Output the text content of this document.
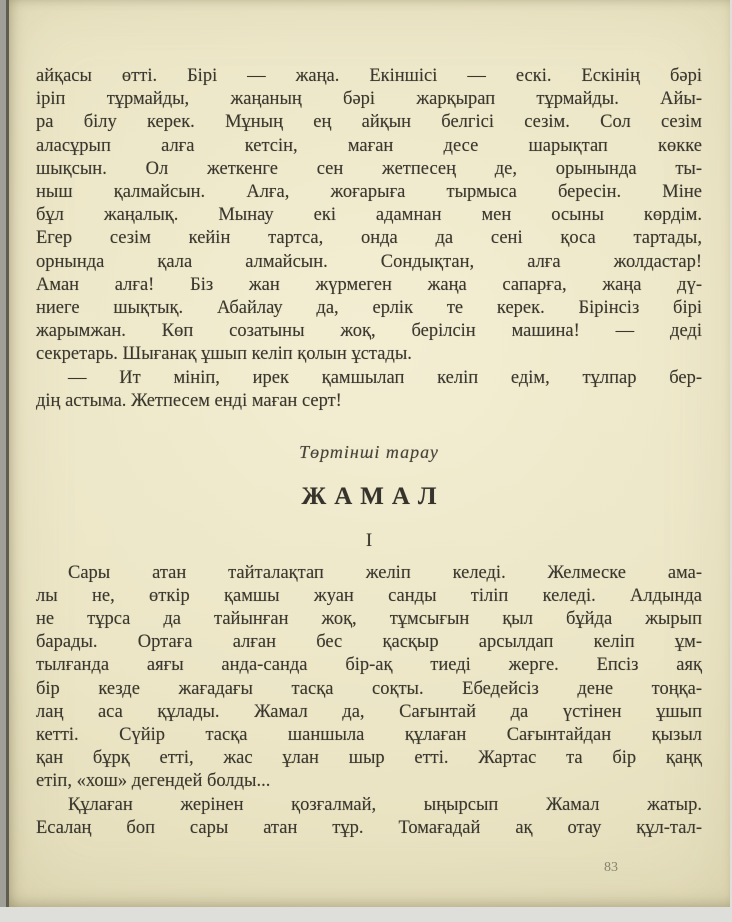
айқасы өтті. Бірі — жаңа. Екіншісі — ескі. Ескінің бәрі
іріп тұрмайды, жаңаның бәрі жарқырап тұрмайды. Айы-
ра білу керек. Мұның ең айқын белгісі сезім. Сол сезім
аласұрып алға кетсін, маған десе шарықтап көкке
шықсын. Ол жеткенге сен жетпесең де, орынында ты-
ныш қалмайсын. Алға, жоғарыға тырмыса бересін. Міне
бұл жаңалық. Мынау екі адамнан мен осыны көрдім.
Егер сезім кейін тартса, онда да сені қоса тартады,
орнында қала алмайсын. Сондықтан, алға жолдастар!
Аман алға! Біз жан жүрмеген жаңа сапарға, жаңа дү-
ниеге шықтық. Абайлау да, ерлік те керек. Бірінсіз бірі
жарымжан. Көп созатыны жоқ, берілсін машина! — деді
секретарь. Шығанақ ұшып келіп қолын ұстады.
— Ит мініп, ирек қамшылап келіп едім, тұлпар бер-
дің астыма. Жетпесем енді маған серт!
Төртінші тарау
ЖАМАЛ
I
Сары атан тайталақтап желіп келеді. Желмеске ама-
лы не, өткір қамшы жуан санды тіліп келеді. Алдында
не тұрса да тайынған жоқ, тұмсығын қыл бұйда жырып
барады. Ортаға алған бес қасқыр арсылдап келіп ұм-
тылғанда аяғы анда-санда бір-ақ тиеді жерге. Епсіз аяқ
бір кезде жағадағы тасқа соқты. Ебедейсіз дене тоңқа-
лаң аса құлады. Жамал да, Сағынтай да үстінен ұшып
кетті. Сүйір тасқа шаншыла құлаған Сағынтайдан қызыл
қан бұрқ етті, жас ұлан шыр етті. Жартас та бір қаңқ
етіп, «хош» дегендей болды...
Құлаған жерінен қозғалмай, ыңырсып Жамал жатыр.
Есалаң боп сары атан тұр. Томағадай ақ отау құл-тал-
83
